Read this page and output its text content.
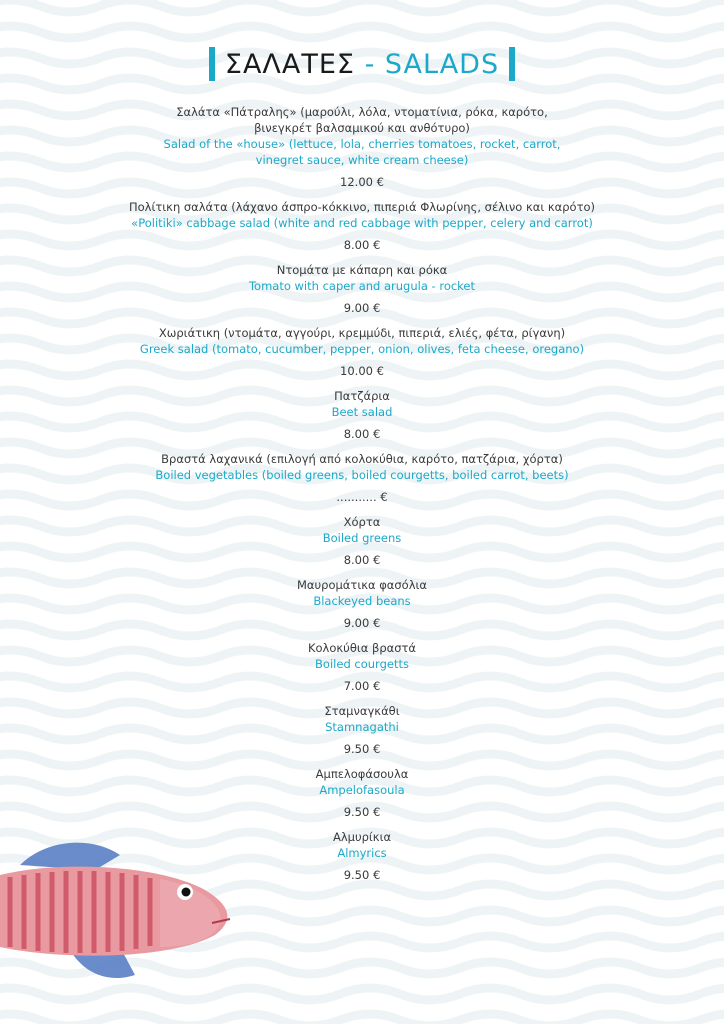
ΣΑΛΑΤΕΣ - SALADS
Σαλάτα «Πάτραλης» (μαρούλι, λόλα, ντοματίνια, ρόκα, καρότο,
βινεγκρέτ βαλσαμικού και ανθότυρο)
Salad of the «house» (lettuce, lola, cherries tomatoes, rocket, carrot,
vinegret sauce, white cream cheese)
12.00 €
Πολίτικη σαλάτα (λάχανο άσπρο-κόκκινο, πιπεριά Φλωρίνης, σέλινο και καρότο)
«Politiki» cabbage salad (white and red cabbage with pepper, celery and carrot)
8.00 €
Ντομάτα με κάπαρη και ρόκα
Tomato with caper and arugula - rocket
9.00 €
Χωριάτικη (ντομάτα, αγγούρι, κρεμμύδι, πιπεριά, ελιές, φέτα, ρίγανη)
Greek salad (tomato, cucumber, pepper, onion, olives, feta cheese, oregano)
10.00 €
Πατζάρια
Beet salad
8.00 €
Βραστά λαχανικά (επιλογή από κολοκύθια, καρότο, πατζάρια, χόρτα)
Boiled vegetables (boiled greens, boiled courgetts, boiled carrot, beets)
........... €
Χόρτα
Boiled greens
8.00 €
Μαυρομάτικα φασόλια
Blackeyed beans
9.00 €
Κολοκύθια βραστά
Boiled courgetts
7.00 €
Σταμναγκάθι
Stamnagathi
9.50 €
Αμπελοφάσουλα
Ampelofasoula
9.50 €
Αλμυρίκια
Almyrics
9.50 €
